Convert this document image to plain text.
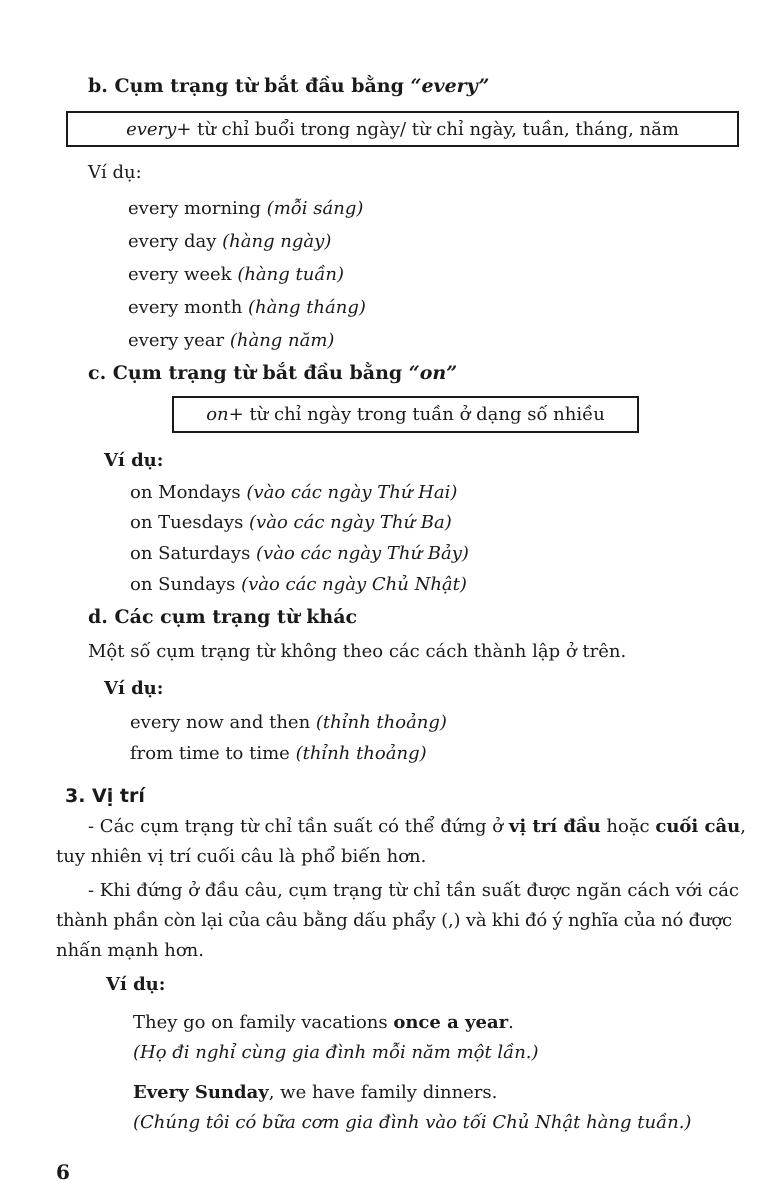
b. Cụm trạng từ bắt đầu bằng “every”
every + từ chỉ buổi trong ngày/ từ chỉ ngày, tuần, tháng, năm
Ví dụ:
every morning (mỗi sáng)
every day (hàng ngày)
every week (hàng tuần)
every month (hàng tháng)
every year (hàng năm)
c. Cụm trạng từ bắt đầu bằng “on”
on + từ chỉ ngày trong tuần ở dạng số nhiều
Ví dụ:
on Mondays (vào các ngày Thứ Hai)
on Tuesdays (vào các ngày Thứ Ba)
on Saturdays (vào các ngày Thứ Bảy)
on Sundays (vào các ngày Chủ Nhật)
d. Các cụm trạng từ khác
Một số cụm trạng từ không theo các cách thành lập ở trên.
Ví dụ:
every now and then (thỉnh thoảng)
from time to time (thỉnh thoảng)
3. Vị trí
- Các cụm trạng từ chỉ tần suất có thể đứng ở vị trí đầu hoặc cuối câu,
tuy nhiên vị trí cuối câu là phổ biến hơn.
- Khi đứng ở đầu câu, cụm trạng từ chỉ tần suất được ngăn cách với các
thành phần còn lại của câu bằng dấu phẩy (,) và khi đó ý nghĩa của nó được
nhấn mạnh hơn.
Ví dụ:
They go on family vacations once a year.
(Họ đi nghỉ cùng gia đình mỗi năm một lần.)
Every Sunday, we have family dinners.
(Chúng tôi có bữa cơm gia đình vào tối Chủ Nhật hàng tuần.)
6
